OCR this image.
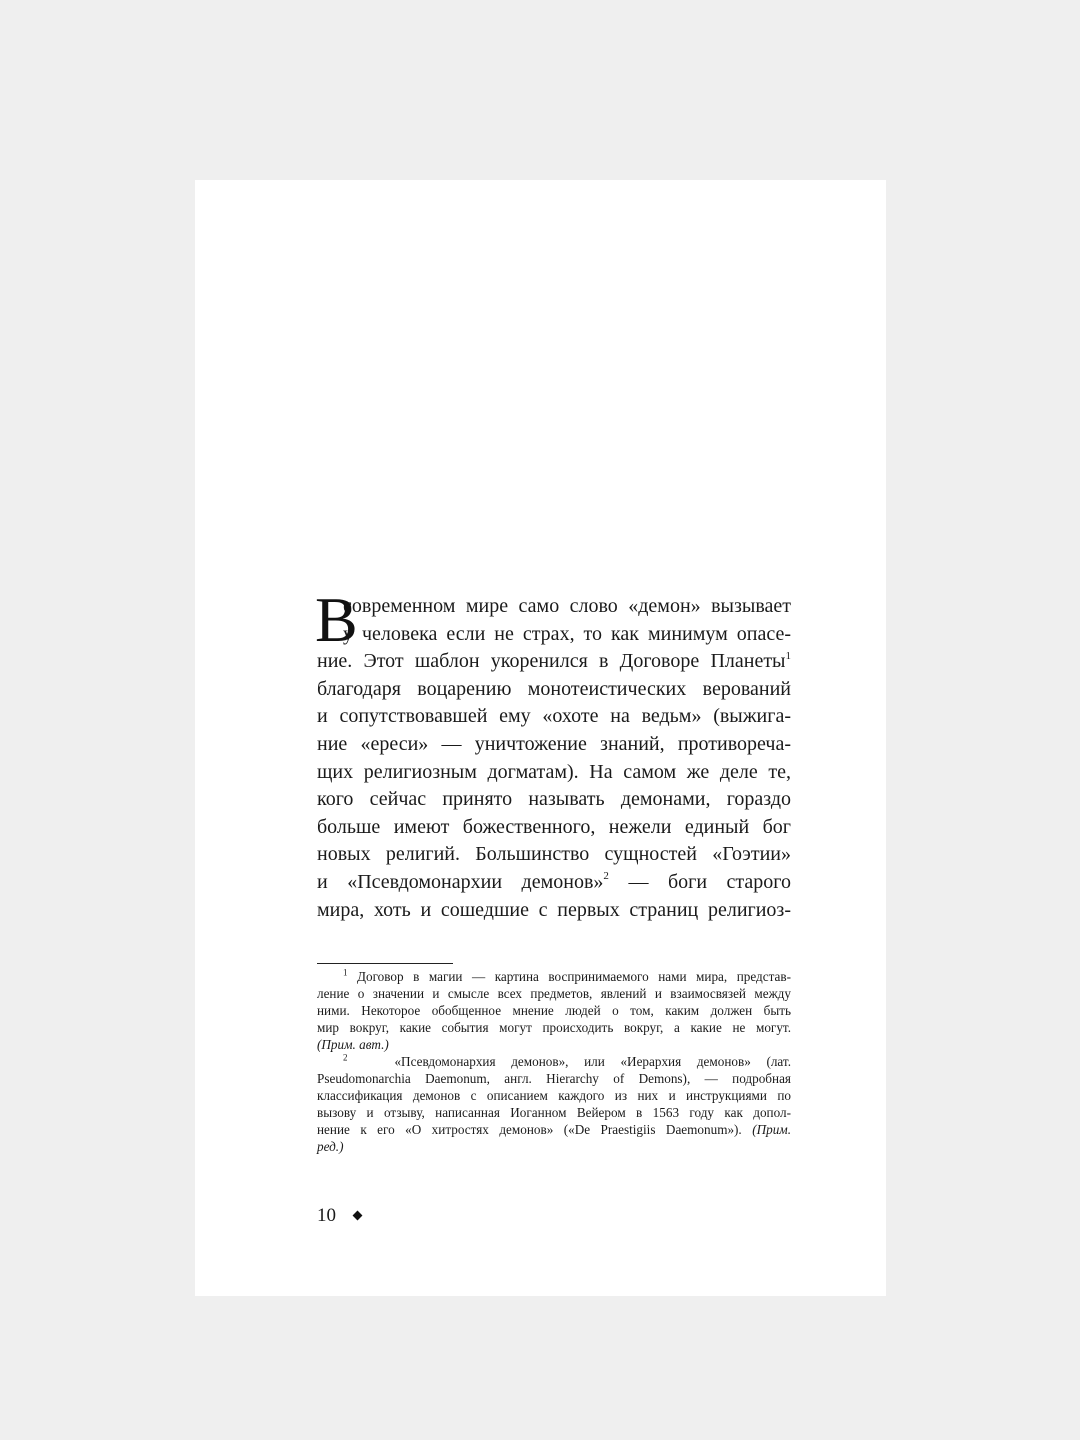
В
современном мире само слово «демон» вызывает
у человека если не страх, то как минимум опасе-
ние. Этот шаблон укоренился в Договоре Планеты$^1$
благодаря воцарению монотеистических верований
и сопутствовавшей ему «охоте на ведьм» (выжига-
ние «ереси» — уничтожение знаний, противореча-
щих религиозным догматам). На самом же деле те,
кого сейчас принято называть демонами, гораздо
больше имеют божественного, нежели единый бог
новых религий. Большинство сущностей «Гоэтии»
и «Псевдомонархии демонов»$^2$ — боги старого
мира, хоть и сошедшие с первых страниц религиоз-
$^1$ Договор в магии — картина воспринимаемого нами мира, представ-
ление о значении и смысле всех предметов, явлений и взаимосвязей между
ними. Некоторое обобщенное мнение людей о том, каким должен быть
мир вокруг, какие события могут происходить вокруг, а какие не могут.
(Прим. авт.)
$^2$	«Псевдомонархия демонов», или «Иерархия демонов» (лат.
Pseudomonarchia Daemonum, англ. Hierarchy of Demons), — подробная
классификация демонов с описанием каждого из них и инструкциями по
вызову и отзыву, написанная Иоганном Вейером в 1563 году как допол-
нение к его «О хитростях демонов» («De Praestigiis Daemonum»). (Прим.
ред.)
10
